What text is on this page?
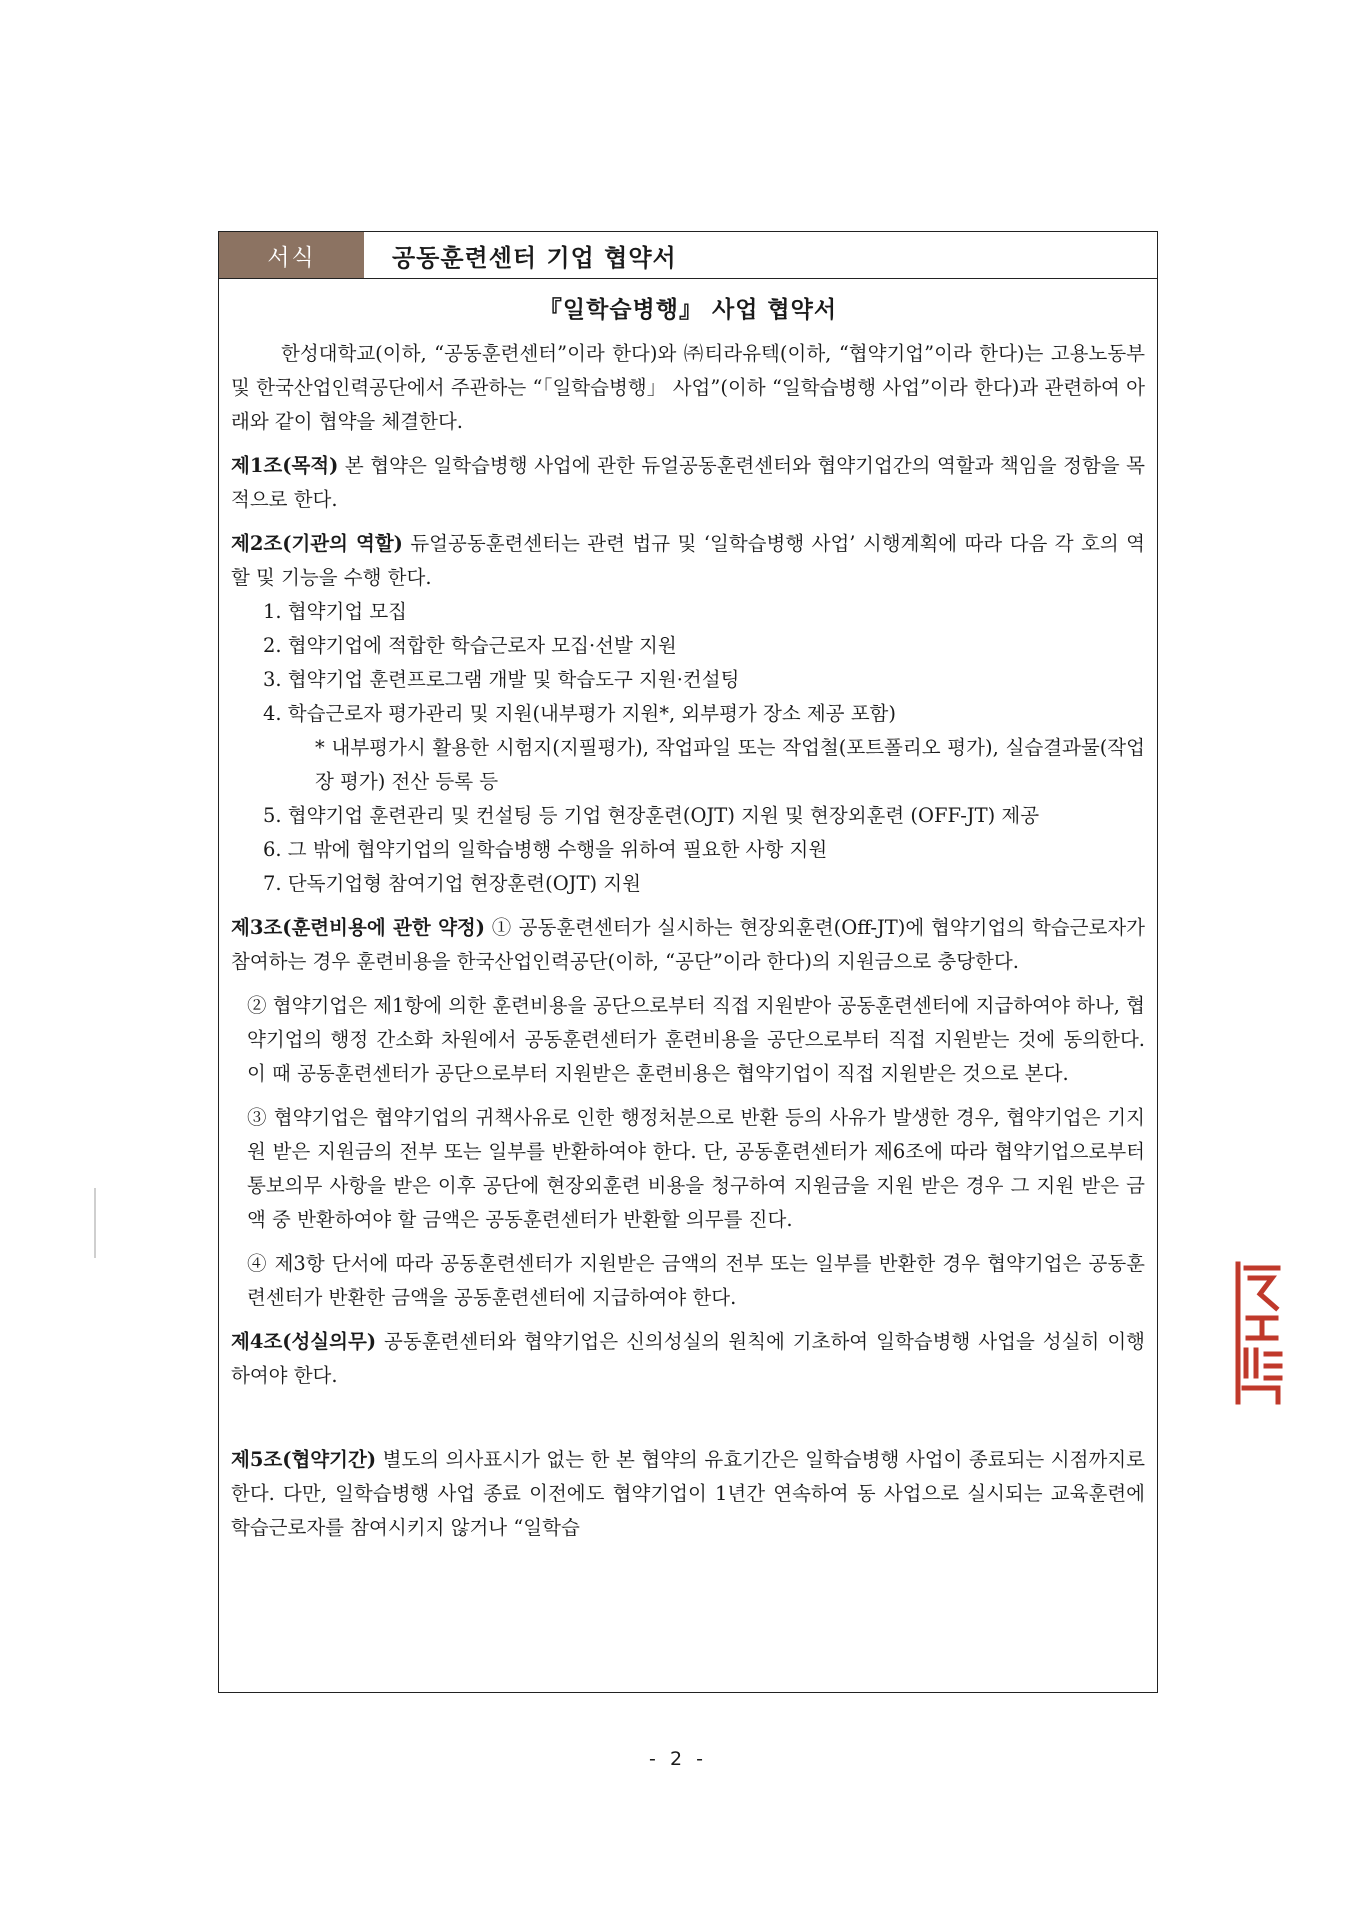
서식	공동훈련센터 기업 협약서
『일학습병행』 사업 협약서

한성대학교(이하, “공동훈련센터”이라 한다)와 ㈜티라유텍(이하, “협약기업”이라 한다)는 고용노동부 및 한국산업인력공단에서 주관하는 “「일학습병행」 사업”(이하 “일학습병행 사업”이라 한다)과 관련하여 아래와 같이 협약을 체결한다.

제1조(목적) 본 협약은 일학습병행 사업에 관한 듀얼공동훈련센터와 협약기업간의 역할과 책임을 정함을 목적으로 한다.
제2조(기관의 역할) 듀얼공동훈련센터는 관련 법규 및 ‘일학습병행 사업’ 시행계획에 따라 다음 각 호의 역할 및 기능을 수행 한다.
1. 협약기업 모집
2. 협약기업에 적합한 학습근로자 모집·선발 지원
3. 협약기업 훈련프로그램 개발 및 학습도구 지원·컨설팅
4. 학습근로자 평가관리 및 지원(내부평가 지원*, 외부평가 장소 제공 포함)
* 내부평가시 활용한 시험지(지필평가), 작업파일 또는 작업철(포트폴리오 평가), 실습결과물(작업장 평가) 전산 등록 등
5. 협약기업 훈련관리 및 컨설팅 등 기업 현장훈련(OJT) 지원 및 현장외훈련 (OFF-JT) 제공
6. 그 밖에 협약기업의 일학습병행 수행을 위하여 필요한 사항 지원
7. 단독기업형 참여기업 현장훈련(OJT) 지원
제3조(훈련비용에 관한 약정) ① 공동훈련센터가 실시하는 현장외훈련(Off-JT)에 협약기업의 학습근로자가 참여하는 경우 훈련비용을 한국산업인력공단(이하, “공단”이라 한다)의 지원금으로 충당한다.
② 협약기업은 제1항에 의한 훈련비용을 공단으로부터 직접 지원받아 공동훈련센터에 지급하여야 하나, 협약기업의 행정 간소화 차원에서 공동훈련센터가 훈련비용을 공단으로부터 직접 지원받는 것에 동의한다. 이 때 공동훈련센터가 공단으로부터 지원받은 훈련비용은 협약기업이 직접 지원받은 것으로 본다.
③ 협약기업은 협약기업의 귀책사유로 인한 행정처분으로 반환 등의 사유가 발생한 경우, 협약기업은 기지원 받은 지원금의 전부 또는 일부를 반환하여야 한다. 단, 공동훈련센터가 제6조에 따라 협약기업으로부터 통보의무 사항을 받은 이후 공단에 현장외훈련 비용을 청구하여 지원금을 지원 받은 경우 그 지원 받은 금액 중 반환하여야 할 금액은 공동훈련센터가 반환할 의무를 진다.
④ 제3항 단서에 따라 공동훈련센터가 지원받은 금액의 전부 또는 일부를 반환한 경우 협약기업은 공동훈련센터가 반환한 금액을 공동훈련센터에 지급하여야 한다.
제4조(성실의무) 공동훈련센터와 협약기업은 신의성실의 원칙에 기초하여 일학습병행 사업을 성실히 이행하여야 한다.
제5조(협약기간) 별도의 의사표시가 없는 한 본 협약의 유효기간은 일학습병행 사업이 종료되는 시점까지로 한다. 다만, 일학습병행 사업 종료 이전에도 협약기업이 1년간 연속하여 동 사업으로 실시되는 교육훈련에 학습근로자를 참여시키지 않거나 “일학습
- 2 -
